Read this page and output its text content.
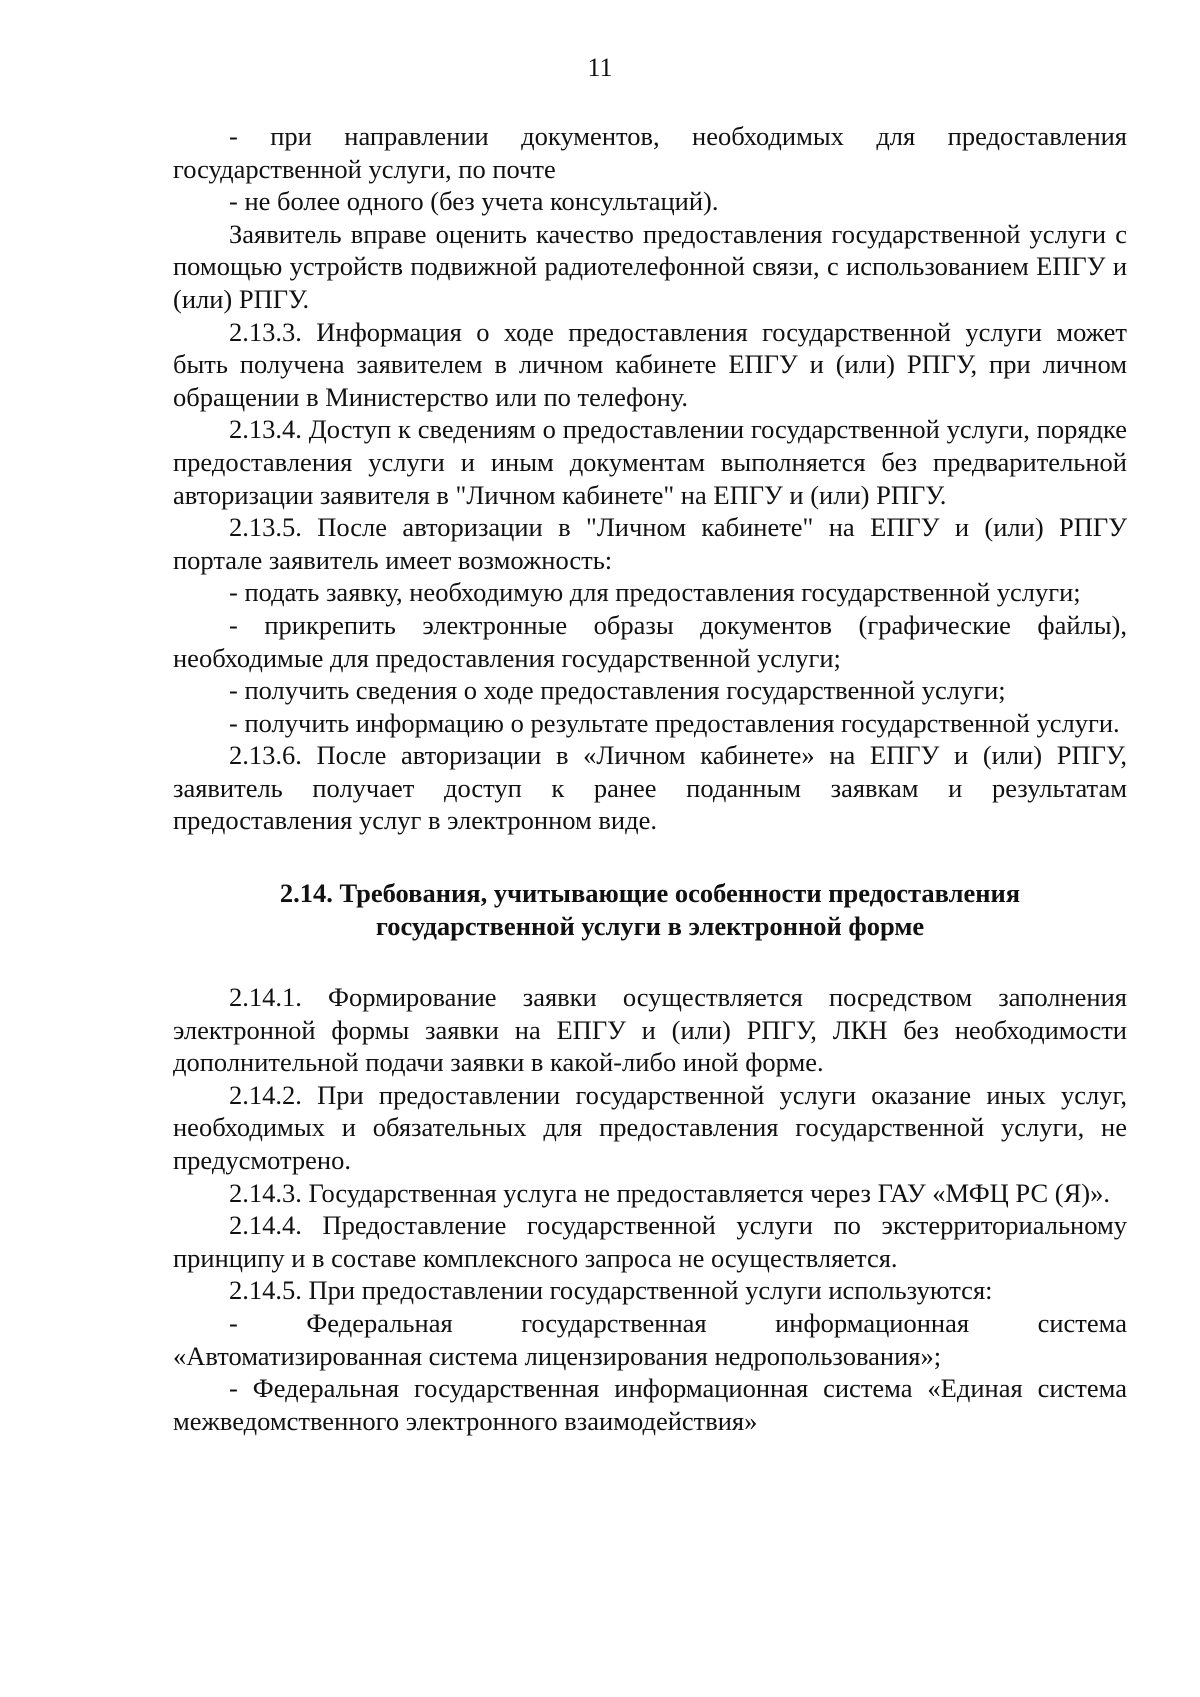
11

- при направлении документов, необходимых для предоставления государственной услуги, по почте

- не более одного (без учета консультаций).

Заявитель вправе оценить качество предоставления государственной услуги с помощью устройств подвижной радиотелефонной связи, с использованием ЕПГУ и (или) РПГУ.

2.13.3. Информация о ходе предоставления государственной услуги может быть получена заявителем в личном кабинете ЕПГУ и (или) РПГУ, при личном обращении в Министерство или по телефону.

2.13.4. Доступ к сведениям о предоставлении государственной услуги, порядке предоставления услуги и иным документам выполняется без предварительной авторизации заявителя в "Личном кабинете" на ЕПГУ и (или) РПГУ.

2.13.5. После авторизации в "Личном кабинете" на ЕПГУ и (или) РПГУ портале заявитель имеет возможность:

- подать заявку, необходимую для предоставления государственной услуги;

- прикрепить электронные образы документов (графические файлы), необходимые для предоставления государственной услуги;

- получить сведения о ходе предоставления государственной услуги;

- получить информацию о результате предоставления государственной услуги.

2.13.6. После авторизации в «Личном кабинете» на ЕПГУ и (или) РПГУ, заявитель получает доступ к ранее поданным заявкам и результатам предоставления услуг в электронном виде.

2.14. Требования, учитывающие особенности предоставления
государственной услуги в электронной форме

2.14.1. Формирование заявки осуществляется посредством заполнения электронной формы заявки на ЕПГУ и (или) РПГУ, ЛКН без необходимости дополнительной подачи заявки в какой-либо иной форме.

2.14.2. При предоставлении государственной услуги оказание иных услуг, необходимых и обязательных для предоставления государственной услуги, не предусмотрено.

2.14.3. Государственная услуга не предоставляется через ГАУ «МФЦ РС (Я)».

2.14.4. Предоставление государственной услуги по экстерриториальному принципу и в составе комплексного запроса не осуществляется.

2.14.5. При предоставлении государственной услуги используются:

- Федеральная государственная информационная система «Автоматизированная система лицензирования недропользования»;

- Федеральная государственная информационная система «Единая система межведомственного электронного взаимодействия»
